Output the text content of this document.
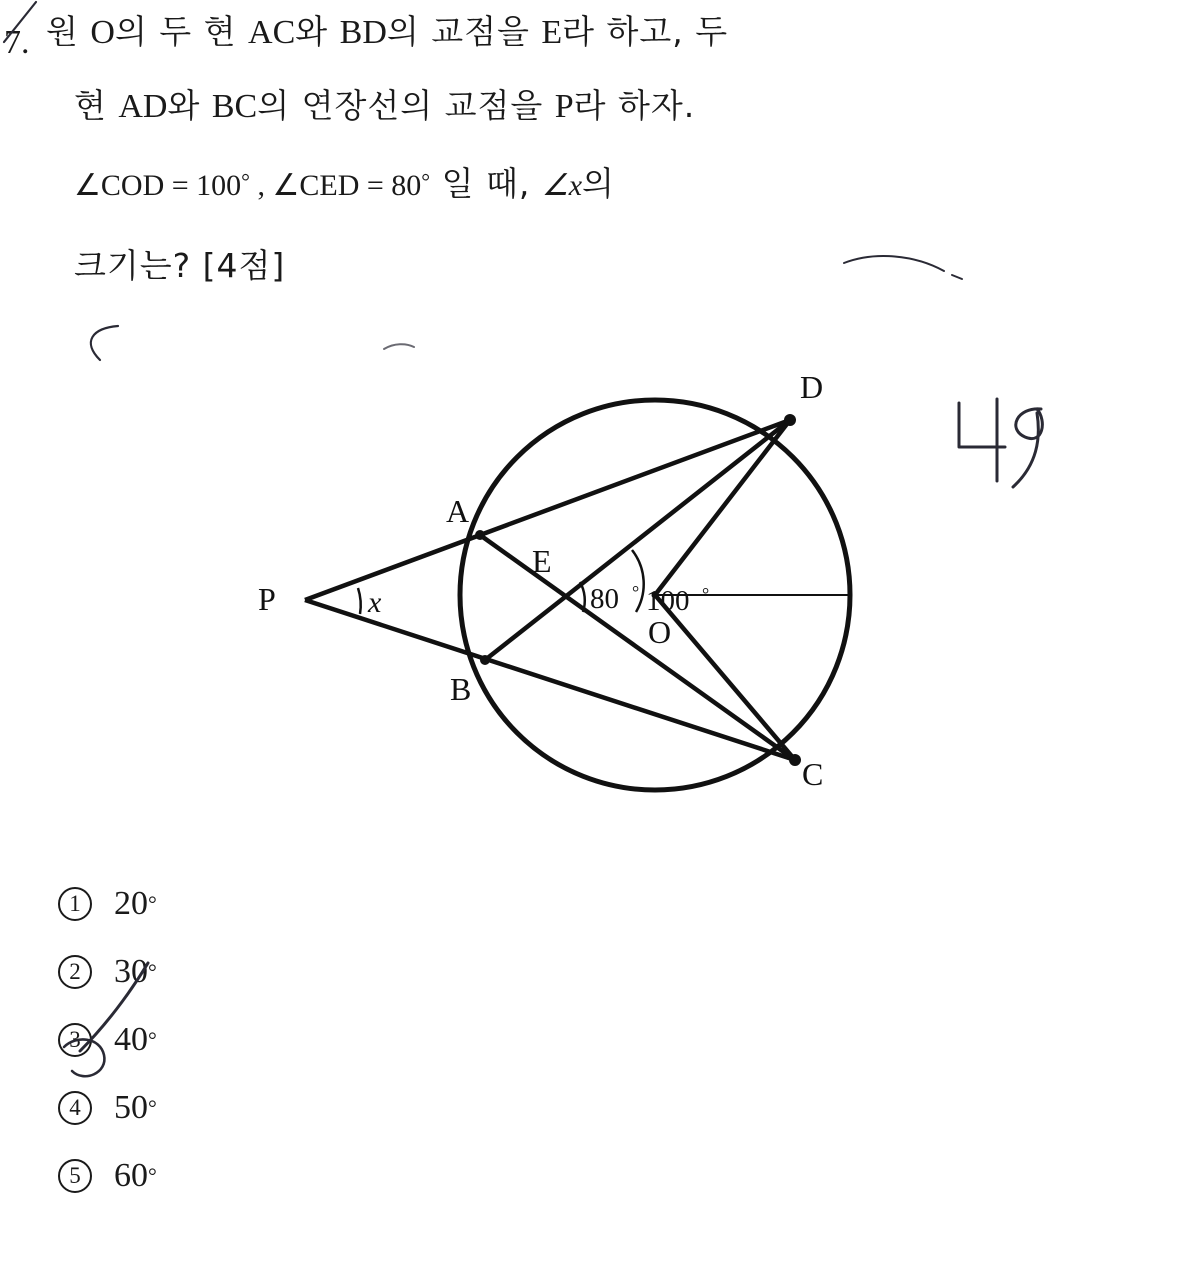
7. 원 O의 두 현 AC와 BD의 교점을 E라 하고, 두
현 AD와 BC의 연장선의 교점을 P라 하자.
∠COD = 100° , ∠CED = 80° 일 때, ∠x의
크기는? [4점]
P
A
B
C
D
E
O
x	80 ° 100 °
1 20 °
2 30 °
3 40 °
4 50 °
5 60 °
